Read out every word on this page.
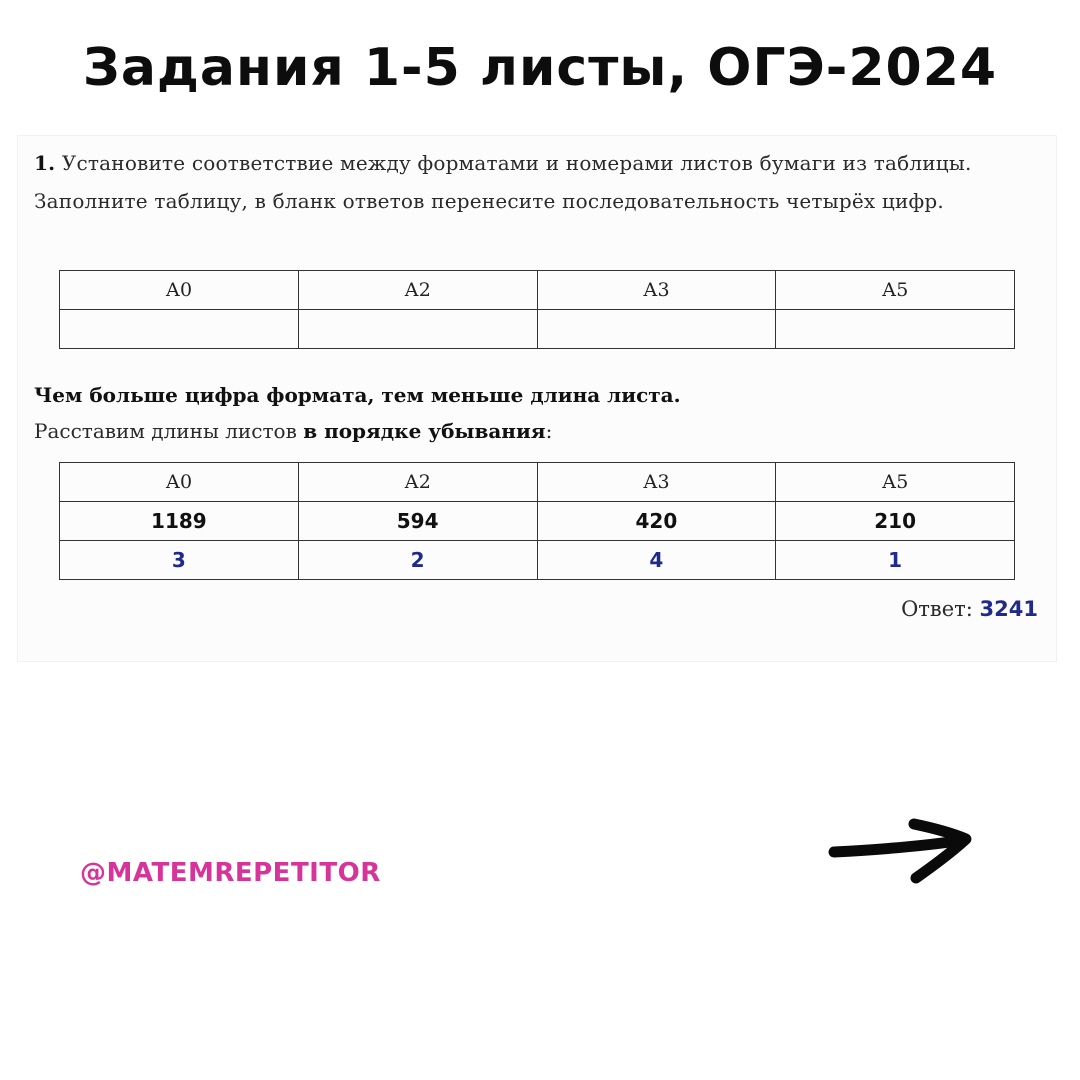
Задания 1-5 листы, ОГЭ-2024
1. Установите соответствие между форматами и номерами листов бумаги из таблицы. Заполните таблицу, в бланк ответов перенесите последовательность четырёх цифр.
А0	А2	А3	А5

Чем больше цифра формата, тем меньше длина листа.
Расставим длины листов в порядке убывания:
А0	А2	А3	А5
1189	594	420	210
3	2	4	1
Ответ: 3241
@MATEMREPETITOR
